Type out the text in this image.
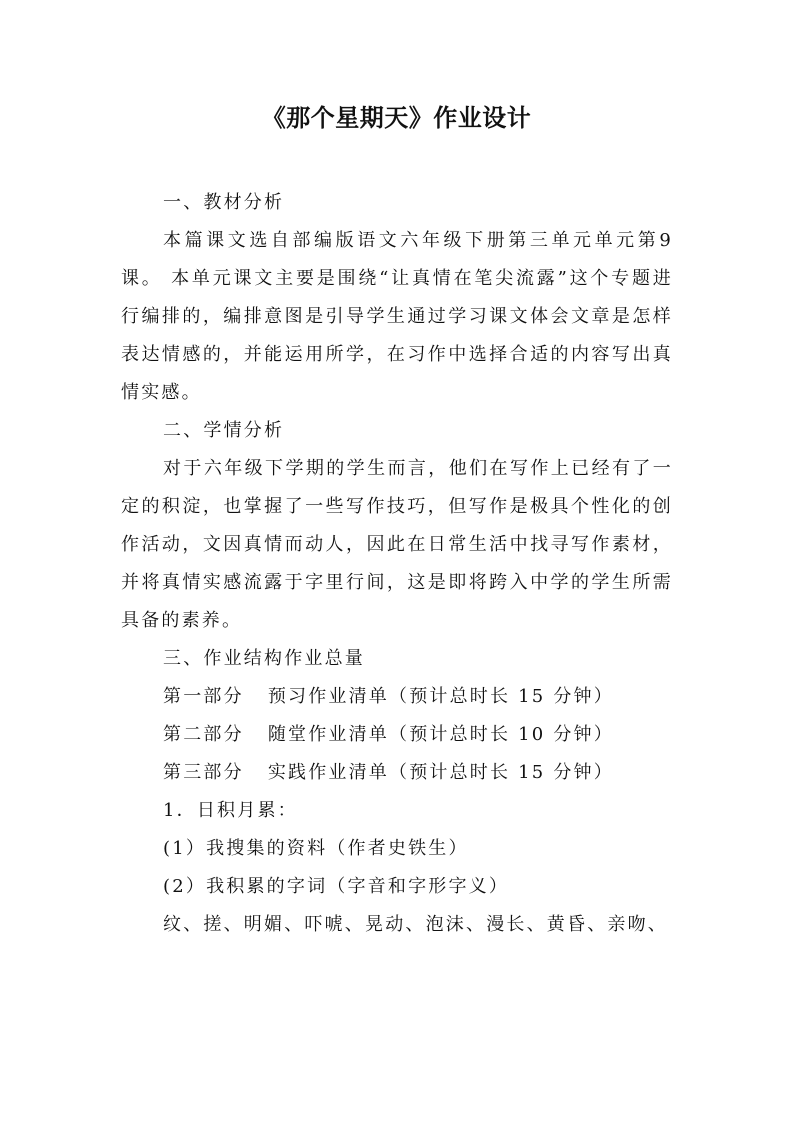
《那个星期天》作业设计

一、教材分析

本篇课文选自部编版语文六年级下册第三单元单元第9课。 本单元课文主要是围绕“让真情在笔尖流露”这个专题进行编排的，编排意图是引导学生通过学习课文体会文章是怎样表达情感的，并能运用所学，在习作中选择合适的内容写出真情实感。

二、学情分析

对于六年级下学期的学生而言，他们在写作上已经有了一定的积淀，也掌握了一些写作技巧，但写作是极具个性化的创作活动，文因真情而动人，因此在日常生活中找寻写作素材，并将真情实感流露于字里行间，这是即将跨入中学的学生所需具备的素养。

三、作业结构作业总量

第一部分 预习作业清单（预计总时长 15 分钟）
第二部分 随堂作业清单（预计总时长 10 分钟）
第三部分 实践作业清单（预计总时长 15 分钟）
1．日积月累：
(1）我搜集的资料（作者史铁生）
(2）我积累的字词（字音和字形字义）
纹、搓、明媚、吓唬、晃动、泡沫、漫长、黄昏、亲吻、
